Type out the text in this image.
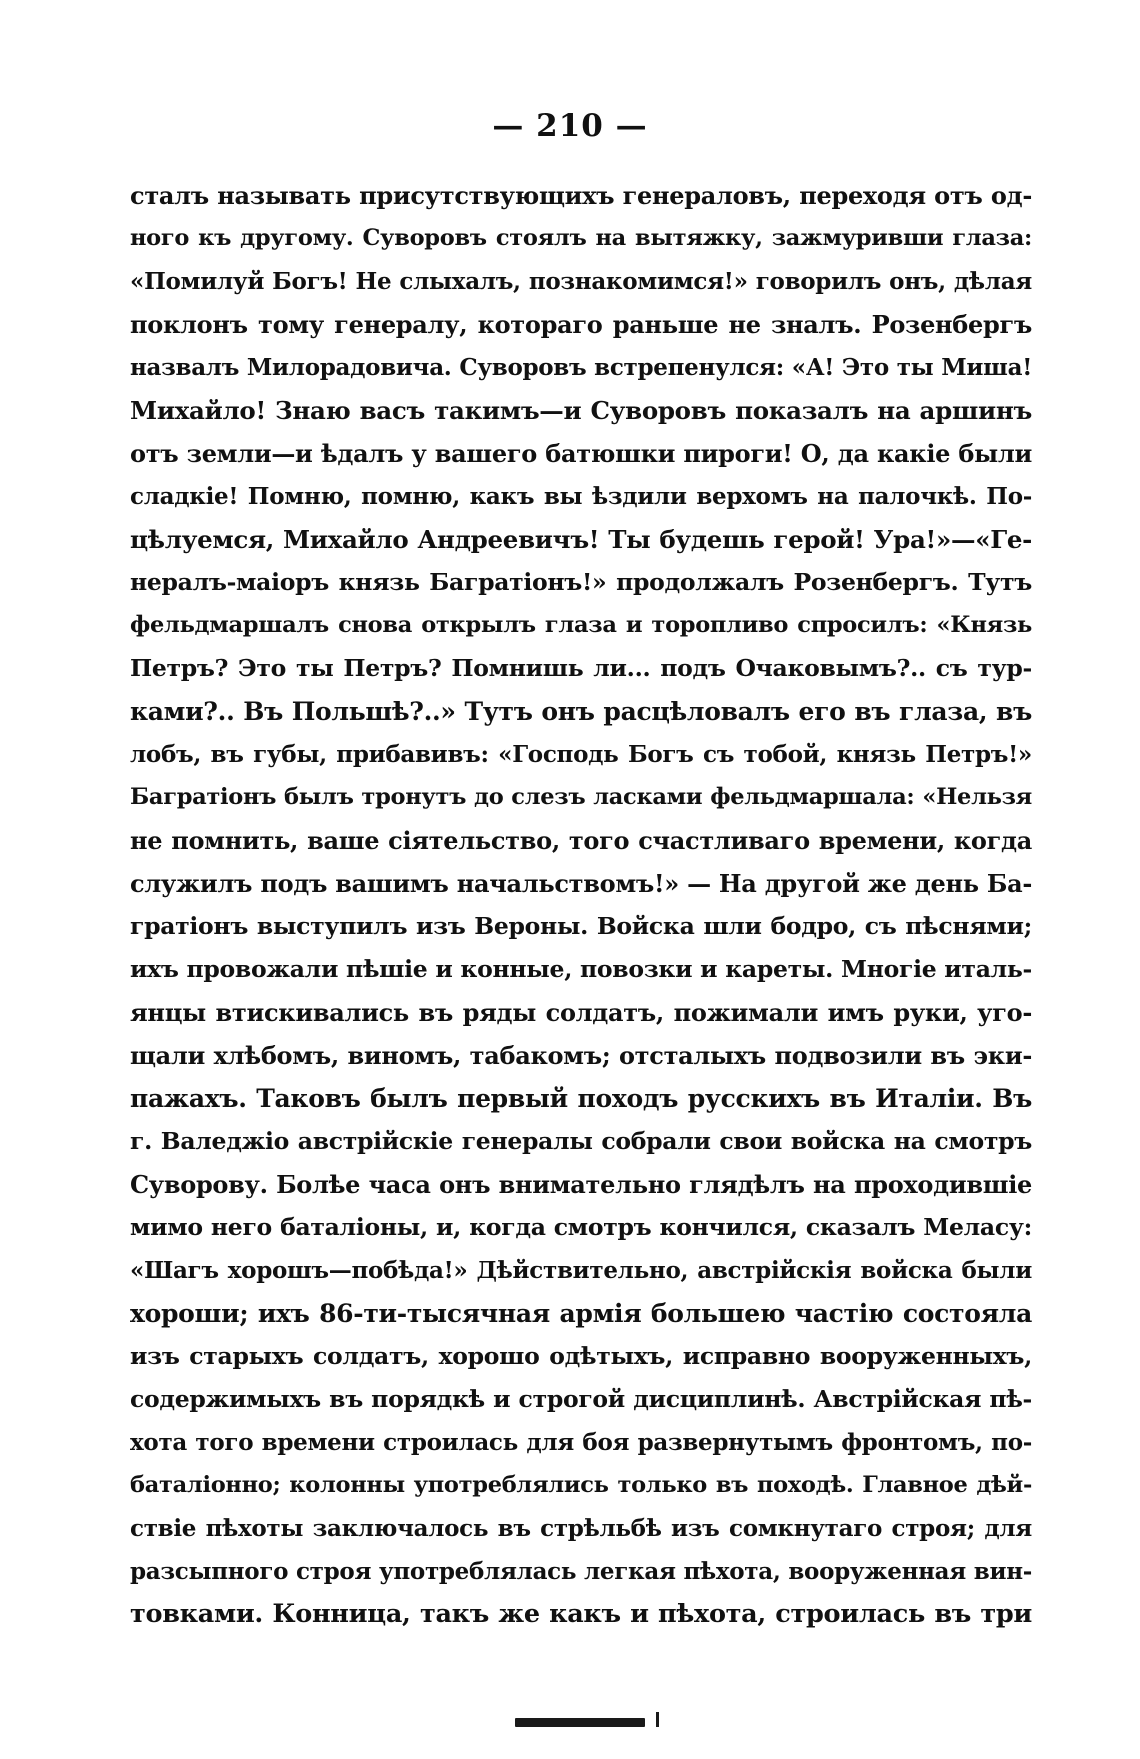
— 210 —
сталъ называть присутствующихъ генераловъ, переходя отъ од-
ного къ другому. Суворовъ стоялъ на вытяжку, зажмуривши глаза:
«Помилуй Богъ! Не слыхалъ, познакомимся!» говорилъ онъ, дѣлая
поклонъ тому генералу, котораго раньше не зналъ. Розенбергъ
назвалъ Милорадовича. Суворовъ встрепенулся: «А! Это ты Миша!
Михайло! Знаю васъ такимъ—и Суворовъ показалъ на аршинъ
отъ земли—и ѣдалъ у вашего батюшки пироги! О, да какіе были
сладкіе! Помню, помню, какъ вы ѣздили верхомъ на палочкѣ. По-
цѣлуемся, Михайло Андреевичъ! Ты будешь герой! Ура!»—«Ге-
нералъ-маіоръ князь Багратіонъ!» продолжалъ Розенбергъ. Тутъ
фельдмаршалъ снова открылъ глаза и торопливо спросилъ: «Князь
Петръ? Это ты Петръ? Помнишь ли... подъ Очаковымъ?.. съ тур-
ками?.. Въ Польшѣ?..» Тутъ онъ расцѣловалъ его въ глаза, въ
лобъ, въ губы, прибавивъ: «Господь Богъ съ тобой, князь Петръ!»
Багратіонъ былъ тронутъ до слезъ ласками фельдмаршала: «Нельзя
не помнить, ваше сіятельство, того счастливаго времени, когда
служилъ подъ вашимъ начальствомъ!» — На другой же день Ба-
гратіонъ выступилъ изъ Вероны. Войска шли бодро, съ пѣснями;
ихъ провожали пѣшіе и конные, повозки и кареты. Многіе италь-
янцы втискивались въ ряды солдатъ, пожимали имъ руки, уго-
щали хлѣбомъ, виномъ, табакомъ; отсталыхъ подвозили въ эки-
пажахъ. Таковъ былъ первый походъ русскихъ въ Италіи. Въ
г. Валеджіо австрійскіе генералы собрали свои войска на смотръ
Суворову. Болѣе часа онъ внимательно глядѣлъ на проходившіе
мимо него баталіоны, и, когда смотръ кончился, сказалъ Меласу:
«Шагъ хорошъ—побѣда!» Дѣйствительно, австрійскія войска были
хороши; ихъ 86-ти-тысячная армія большею частію состояла
изъ старыхъ солдатъ, хорошо одѣтыхъ, исправно вооруженныхъ,
содержимыхъ въ порядкѣ и строгой дисциплинѣ. Австрійская пѣ-
хота того времени строилась для боя развернутымъ фронтомъ, по-
баталіонно; колонны употреблялись только въ походѣ. Главное дѣй-
ствіе пѣхоты заключалось въ стрѣльбѣ изъ сомкнутаго строя; для
разсыпного строя употреблялась легкая пѣхота, вооруженная вин-
товками. Конница, такъ же какъ и пѣхота, строилась въ три
